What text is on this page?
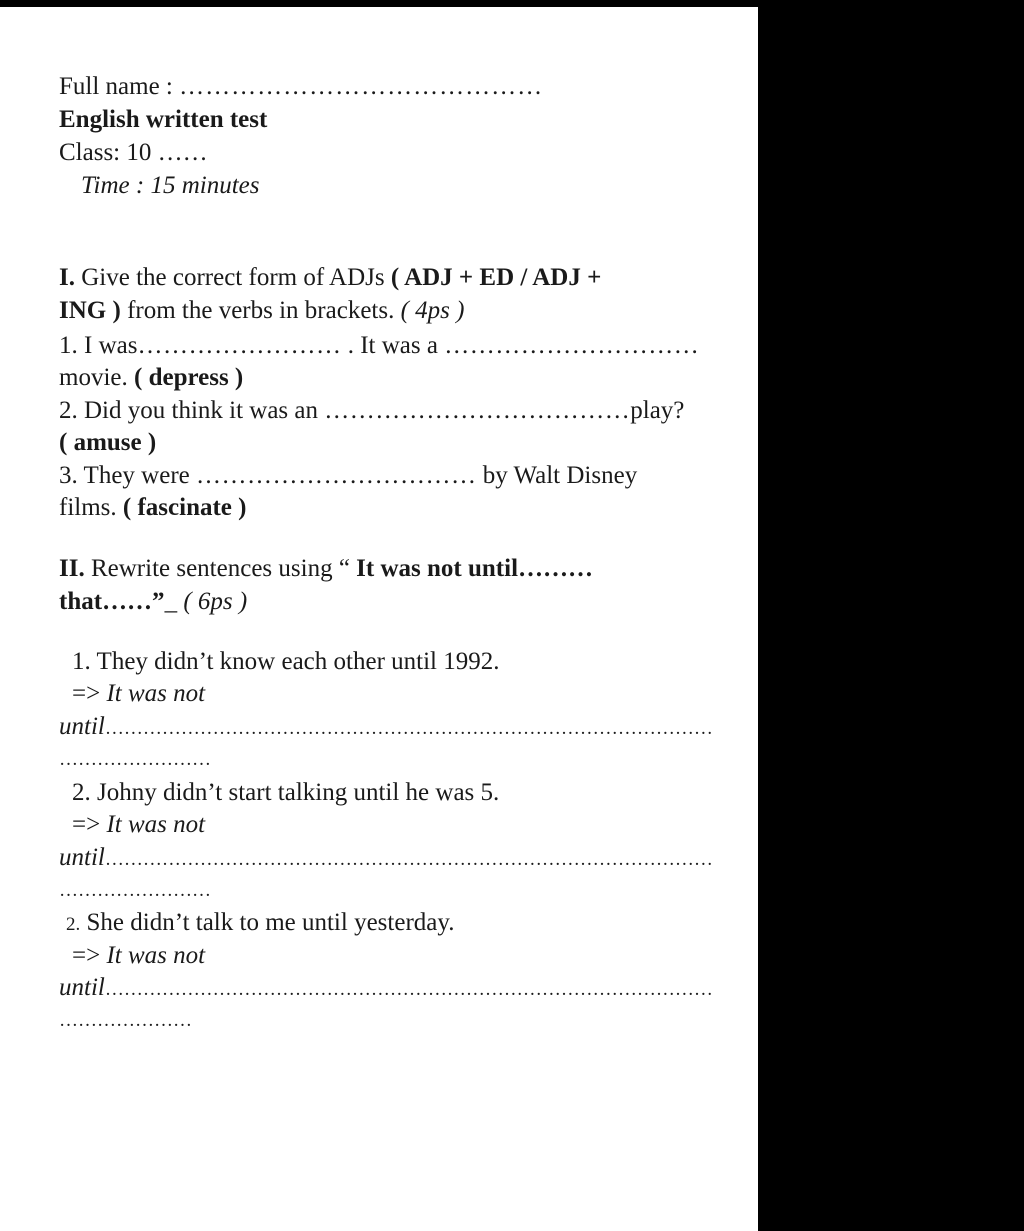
Full name : ……………………………………
English written test
Class: 10 ……
Time : 15 minutes
I. Give the correct form of ADJs ( ADJ + ED / ADJ +
ING ) from the verbs in brackets. ( 4ps )
1. I was…………………… . It was a …………………………
movie. ( depress )
2. Did you think it was an ………………………………play?
( amuse )
3. They were …………………………… by Walt Disney
films. ( fascinate )
II. Rewrite sentences using “ It was not until………
that……”_ ( 6ps )
1. They didn’t know each other until 1992.
=> It was not
until……………………………………………………………………………………
……………………
2. Johny didn’t start talking until he was 5.
=> It was not
until……………………………………………………………………………………
……………………
2. She didn’t talk to me until yesterday.
=> It was not
until……………………………………………………………………………………
…………………
